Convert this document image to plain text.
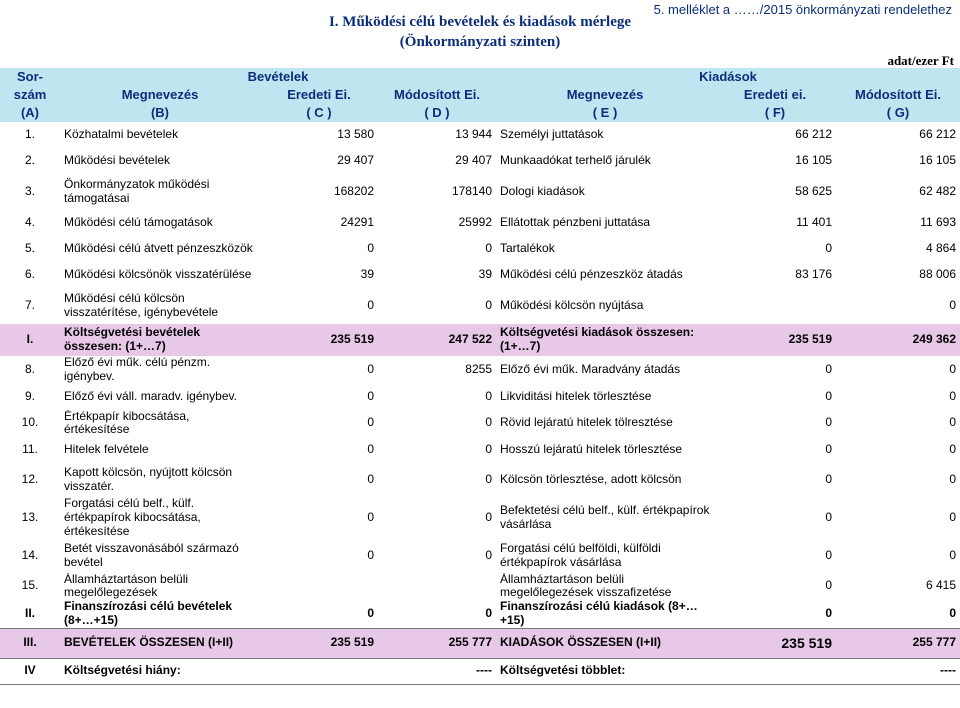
5. melléklet a ……/2015 önkormányzati rendelethez
I. Működési célú bevételek és kiadások mérlege
(Önkormányzati szinten)
adat/ezer Ft
Sor-	Bevételek			Kiadások		
szám	Megnevezés	Eredeti Ei.	Módosított Ei.	Megnevezés	Eredeti ei.	Módosított Ei.
(A)	(B)	( C )	( D )	( E )	( F)	( G)
1.	Közhatalmi bevételek	13 580	13 944	Személyi juttatások	66 212	66 212
2.	Működési bevételek	29 407	29 407	Munkaadókat terhelő járulék	16 105	16 105
3.	Önkormányzatok működési támogatásai	168202	178140	Dologi kiadások	58 625	62 482
4.	Működési célú támogatások	24291	25992	Ellátottak pénzbeni juttatása	11 401	11 693
5.	Működési célú átvett pénzeszközök	0	0	Tartalékok	0	4 864
6.	Működési kölcsönök visszatérülése	39	39	Működési célú pénzeszköz átadás	83 176	88 006
7.	Működési célú kölcsön visszatérítése, igénybevétele	0	0	Működési kölcsön nyújtása		0
I.	Költségvetési bevételek összesen: (1+…7)	235 519	247 522	Költségvetési kiadások összesen:(1+…7)	235 519	249 362
8.	Előző évi műk. célú pénzm. igénybev.	0	8255	Előző évi műk. Maradvány átadás	0	0
9.	Előző évi váll. maradv. igénybev.	0	0	Likviditási hitelek törlesztése	0	0
10.	Értékpapír kibocsátása, értékesítése	0	0	Rövid lejáratú hitelek tölresztése	0	0
11.	Hitelek felvétele	0	0	Hosszú lejáratú hitelek törlesztése	0	0
12.	Kapott kölcsön, nyújtott kölcsön visszatér.	0	0	Kölcsön törlesztése, adott kölcsön	0	0
13.	Forgatási célú belf., külf. értékpapírok kibocsátása, értékesítése	0	0	Befektetési célú belf., külf. értékpapírok vásárlása	0	0
14.	Betét visszavonásából származó bevétel	0	0	Forgatási célú belföldi, külföldi értékpapírok vásárlása	0	0
15.	Államháztartáson belüli megelőlegezések			Államháztartáson belüli megelőlegezések visszafizetése	0	6 415
II.	Finanszírozási célú bevételek (8+…+15)	0	0	Finanszírozási célú kiadások (8+…+15)	0	0
III.	BEVÉTELEK ÖSSZESEN (I+II)	235 519	255 777	KIADÁSOK ÖSSZESEN (I+II)	235 519	255 777
IV	Költségvetési hiány:		----	Költségvetési többlet:		----
